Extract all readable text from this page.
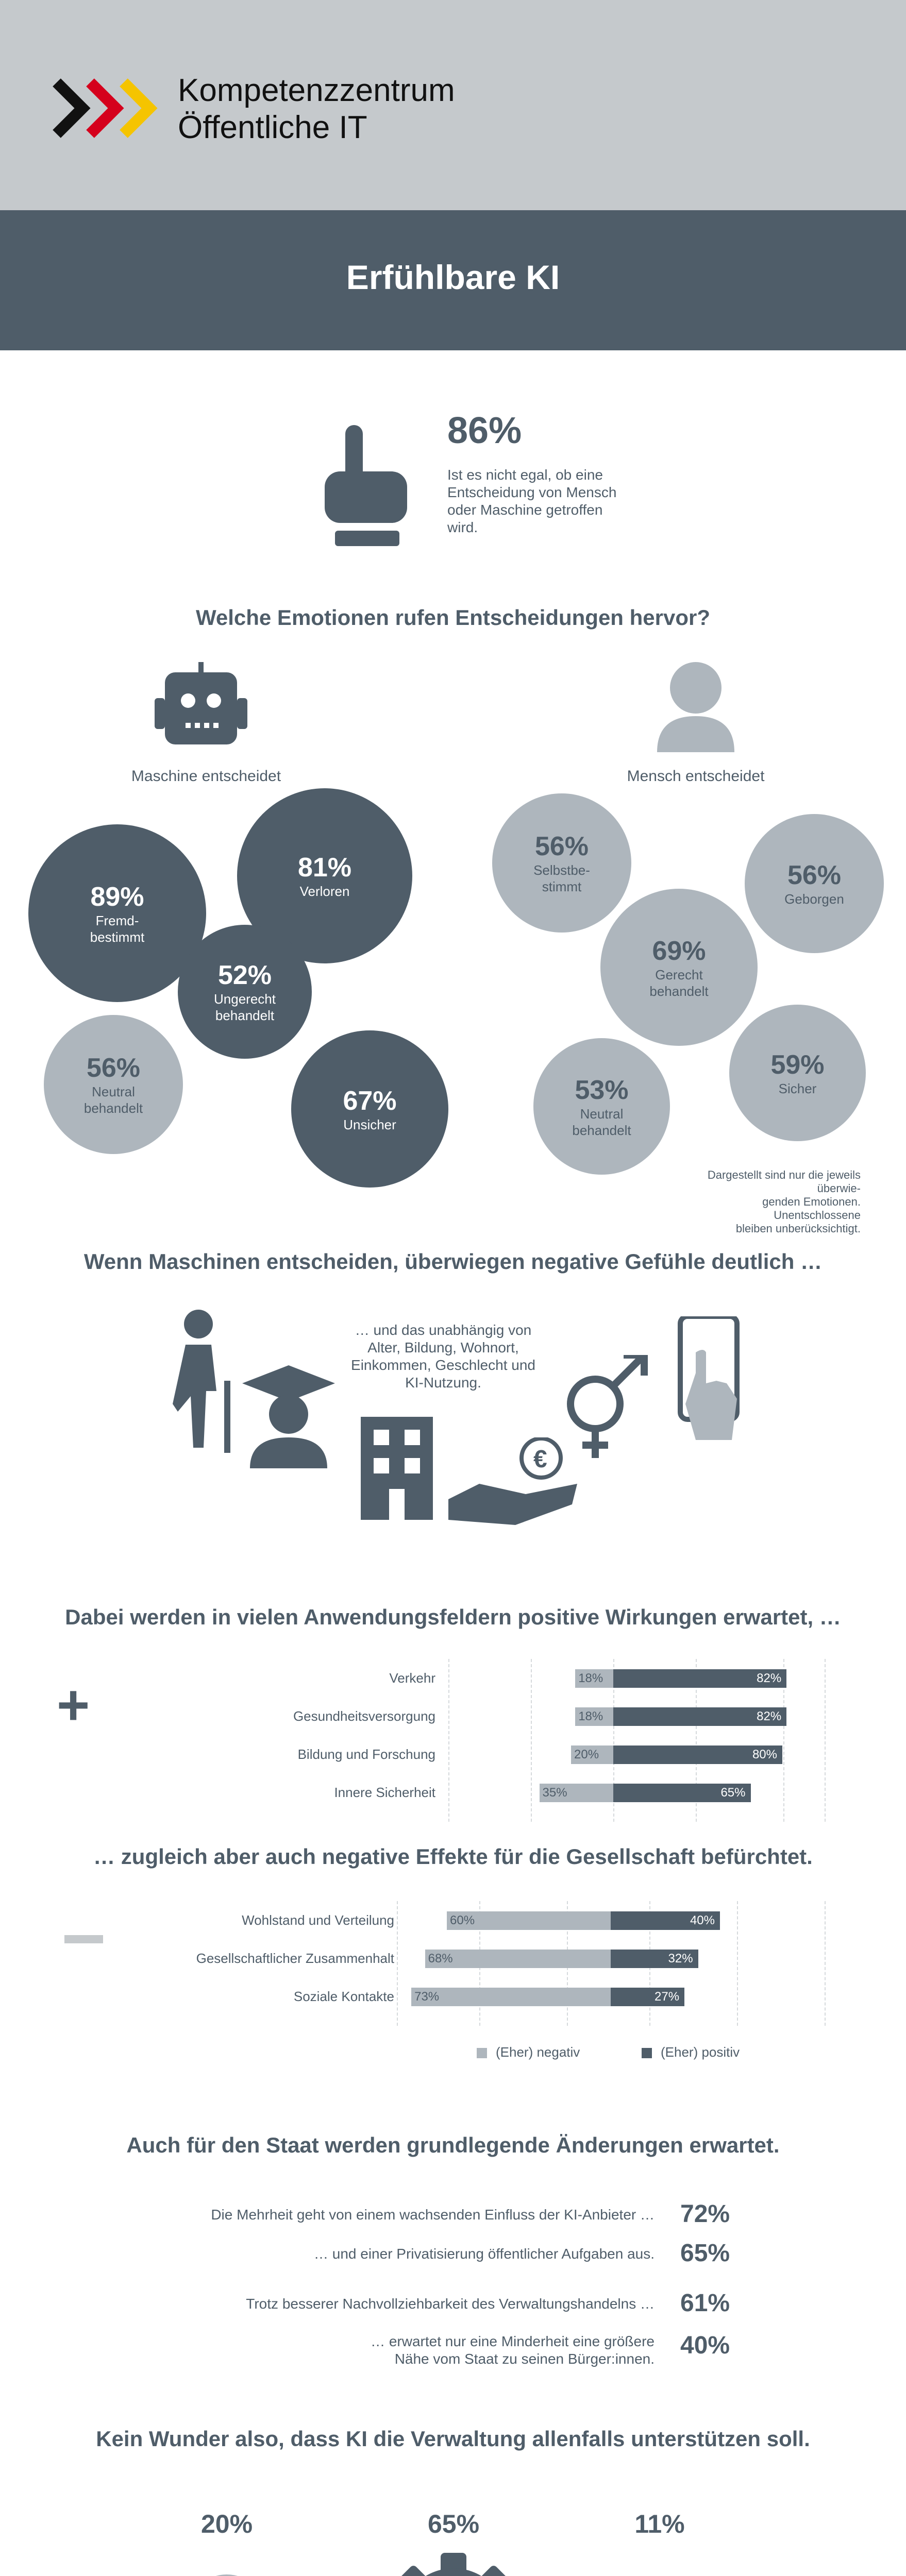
Kompetenzzentrum
Öffentliche IT
Erfühlbare KI
86%
Ist es nicht egal, ob eine Entscheidung von Mensch oder Maschine getroffen wird.
Welche Emotionen rufen Entscheidungen hervor?
Maschine entscheidet	Mensch entscheidet
89%
Fremd-
bestimmt
81%
Verloren
52%
Ungerecht
behandelt
56%
Neutral
behandelt	67%
Unsicher
56%
Selbstbe-
stimmt	56%
Geborgen
69%
Gerecht
behandelt
53%
Neutral
behandelt
59%
Sicher
Dargestellt sind nur die jeweils überwie-
genden Emotionen. Unentschlossene
bleiben unberücksichtigt.
Wenn Maschinen entscheiden, überwiegen negative Gefühle deutlich …
€
… und das unabhängig von Alter, Bildung, Wohnort, Einkommen, Geschlecht und KI-Nutzung.
Dabei werden in vielen Anwendungsfeldern positive Wirkungen erwartet, …
+	Verkehr	18%	82%
Gesundheitsversorgung	18%	82%
Bildung und Forschung	20%	80%
Innere Sicherheit	35%	65%
… zugleich aber auch negative Effekte für die Gesellschaft befürchtet.
Wohlstand und Verteilung	60%	40%
Gesellschaftlicher Zusammenhalt	68%	32%
Soziale Kontakte 73%	27%
(Eher) negativ	(Eher) positiv
Auch für den Staat werden grundlegende Änderungen erwartet.
Die Mehrheit geht von einem wachsenden Einfluss der KI-Anbieter … 72%
… und einer Privatisierung öffentlicher Aufgaben aus. 65%
Trotz besserer Nachvollziehbarkeit des Verwaltungshandelns … 61%
… erwartet nur eine Minderheit eine größere Nähe vom Staat zu seinen Bürger:innen. 40%
Kein Wunder also, dass KI die Verwaltung allenfalls unterstützen soll.
20%	65%	11%
